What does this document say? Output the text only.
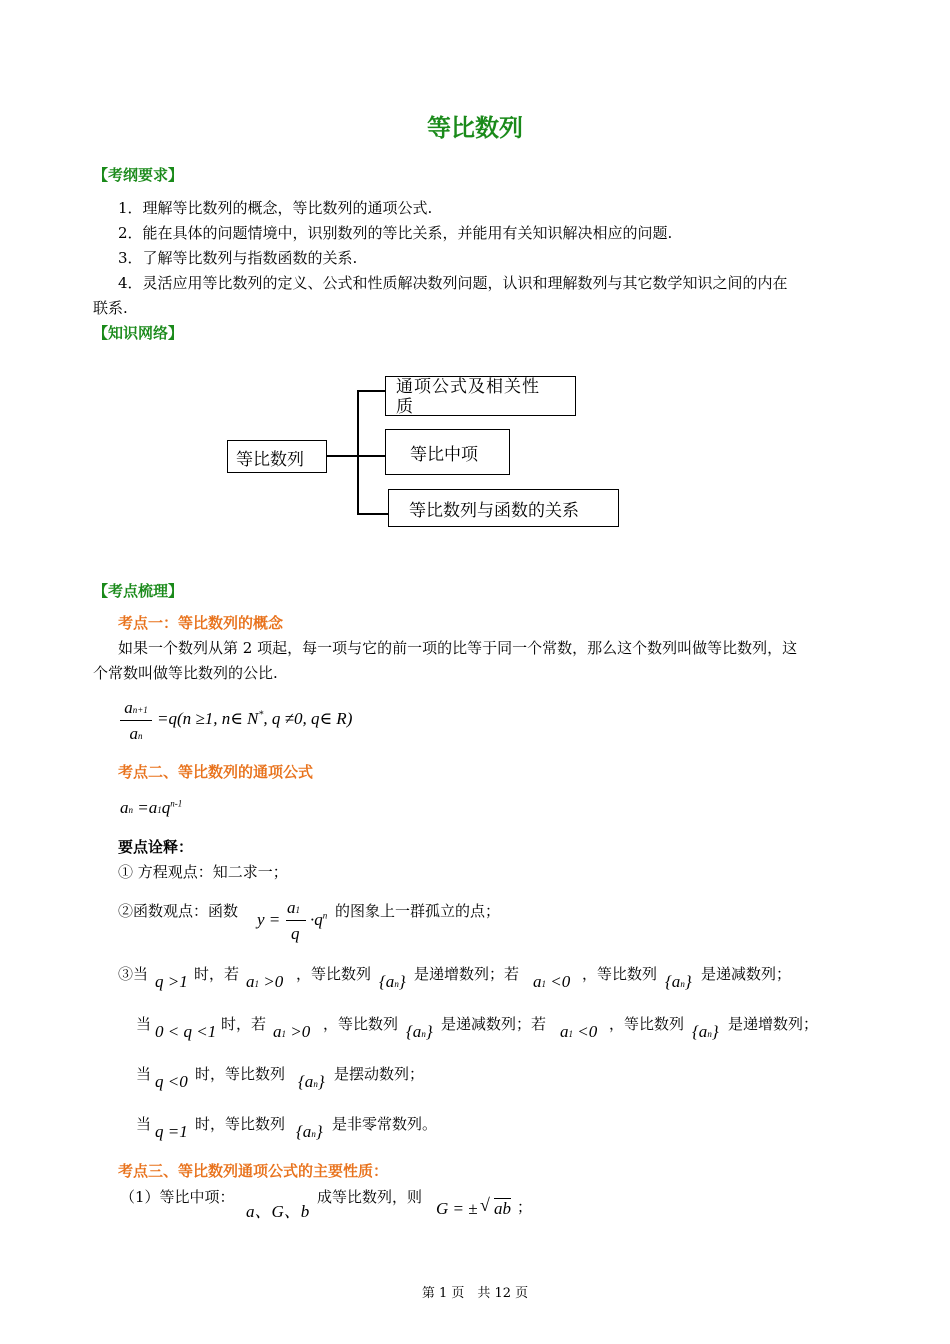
等比数列
【考纲要求】
1．理解等比数列的概念，等比数列的通项公式.
2．能在具体的问题情境中，识别数列的等比关系，并能用有关知识解决相应的问题.
3．了解等比数列与指数函数的关系.
4．灵活应用等比数列的定义、公式和性质解决数列问题，认识和理解数列与其它数学知识之间的内在
联系.
【知识网络】
等比数列
通项公式及相关性
质
等比中项
等比数列与函数的关系
【考点梳理】
考点一：等比数列的概念
如果一个数列从第 2 项起，每一项与它的前一项的比等于同一个常数，那么这个数列叫做等比数列，这
个常数叫做等比数列的公比.
an+1
an
=q(n ≥1, n∈ N*, q ≠0, q∈ R)
考点二、等比数列的通项公式
an $=a1q^{n-1}$
要点诠释：
① 方程观点：知二求一；
②函数观点：函数 y =
a1
q
$\cdot q^n$ 的图象上一群孤立的点；
③当 q >1 时，若 a1 >0 ，等比数列 {an} 是递增数列；若 a1 <0 ，等比数列 {an} 是递减数列；
当 0 < q <1 时，若 a1 >0 ，等比数列 {an} 是递减数列；若 a1 <0 ，等比数列 {an} 是递增数列；
当 q <0 时，等比数列 {an} 是摆动数列；
当 q =1 时，等比数列 {an} 是非零常数列。
考点三、等比数列通项公式的主要性质：
（1）等比中项：
a、G、b
成等比数列，则
G = ± √ ab ；
第 1 页　共 12 页
